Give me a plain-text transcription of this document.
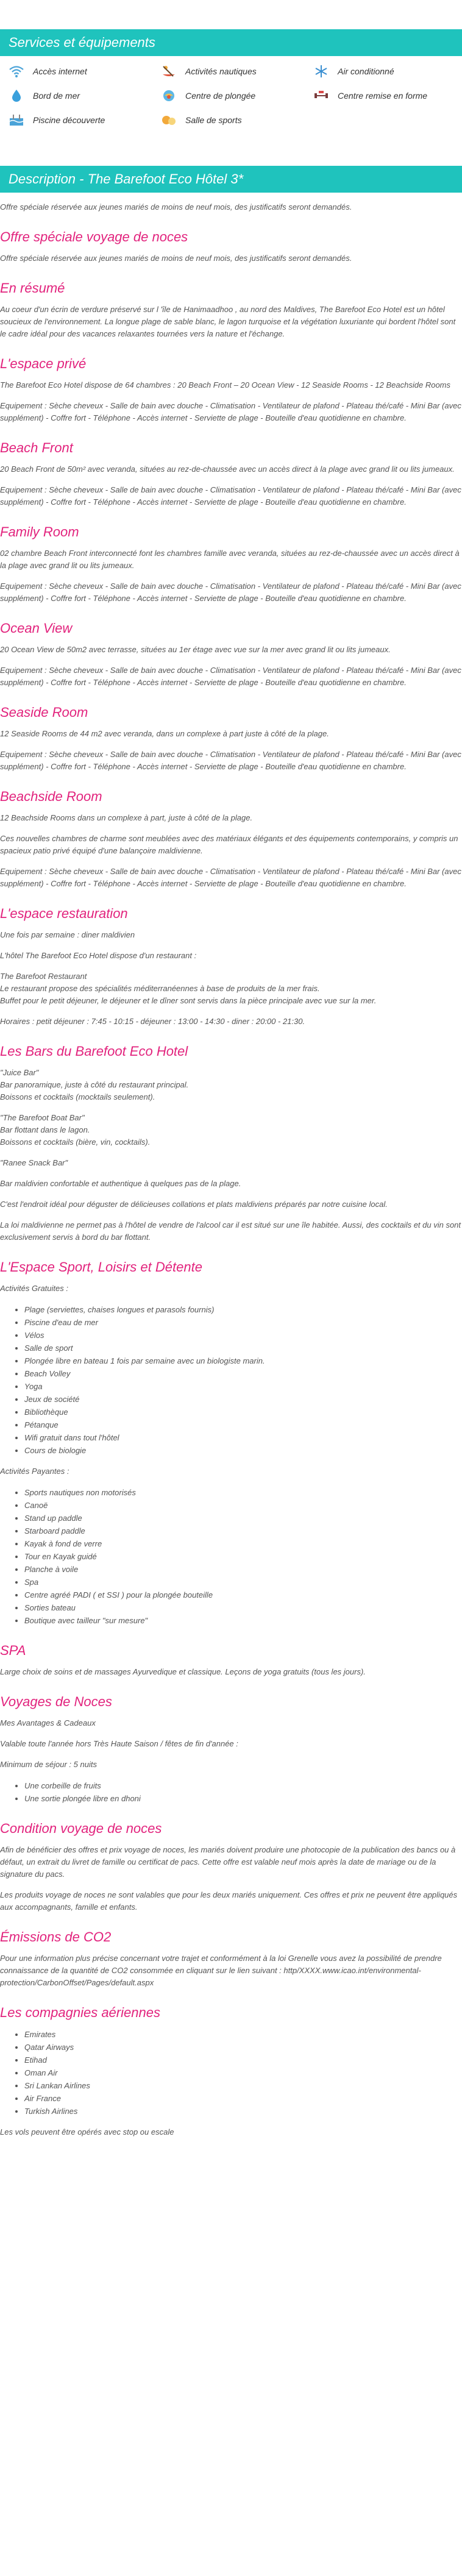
Services et équipements
Accès internet	Activités nautiques	Air conditionné
Bord de mer	Centre de plongée	Centre remise en forme
Piscine découverte	Salle de sports
Description - The Barefoot Eco Hôtel 3*

Offre spéciale réservée aux jeunes mariés de moins de neuf mois, des justificatifs seront demandés.

Offre spéciale voyage de noces

Offre spéciale réservée aux jeunes mariés de moins de neuf mois, des justificatifs seront demandés.

En résumé

Au coeur d'un écrin de verdure préservé sur l 'île de Hanimaadhoo , au nord des Maldives, The Barefoot Eco Hotel est un hôtel soucieux de l'environnement. La longue plage de sable blanc, le lagon turquoise et la végétation luxuriante qui bordent l'hôtel sont le cadre idéal pour des vacances relaxantes tournées vers la nature et l'échange.

L'espace privé

The Barefoot Eco Hotel dispose de 64 chambres : 20 Beach Front – 20 Ocean View - 12 Seaside Rooms - 12 Beachside Rooms

Equipement : Sèche cheveux - Salle de bain avec douche - Climatisation - Ventilateur de plafond - Plateau thé/café - Mini Bar (avec supplément) - Coffre fort - Téléphone - Accès internet - Serviette de plage - Bouteille d'eau quotidienne en chambre.

Beach Front

20 Beach Front de 50m² avec veranda, situées au rez-de-chaussée avec un accès direct à la plage avec grand lit ou lits jumeaux.

Equipement : Sèche cheveux - Salle de bain avec douche - Climatisation - Ventilateur de plafond - Plateau thé/café - Mini Bar (avec supplément) - Coffre fort - Téléphone - Accès internet - Serviette de plage - Bouteille d'eau quotidienne en chambre.

Family Room

02 chambre Beach Front interconnecté font les chambres famille avec veranda, situées au rez-de-chaussée avec un accès direct à la plage avec grand lit ou lits jumeaux.

Equipement : Sèche cheveux - Salle de bain avec douche - Climatisation - Ventilateur de plafond - Plateau thé/café - Mini Bar (avec supplément) - Coffre fort - Téléphone - Accès internet - Serviette de plage - Bouteille d'eau quotidienne en chambre.

Ocean View

20 Ocean View de 50m2 avec terrasse, situées au 1er étage avec vue sur la mer avec grand lit ou lits jumeaux.

Equipement : Sèche cheveux - Salle de bain avec douche - Climatisation - Ventilateur de plafond - Plateau thé/café - Mini Bar (avec supplément) - Coffre fort - Téléphone - Accès internet - Serviette de plage - Bouteille d'eau quotidienne en chambre.

Seaside Room

12 Seaside Rooms de 44 m2 avec veranda, dans un complexe à part juste à côté de la plage.

Equipement : Sèche cheveux - Salle de bain avec douche - Climatisation - Ventilateur de plafond - Plateau thé/café - Mini Bar (avec supplément) - Coffre fort - Téléphone - Accès internet - Serviette de plage - Bouteille d'eau quotidienne en chambre.

Beachside Room

12 Beachside Rooms dans un complexe à part, juste à côté de la plage.

Ces nouvelles chambres de charme sont meublées avec des matériaux élégants et des équipements contemporains, y compris un spacieux patio privé équipé d'une balançoire maldivienne.

Equipement : Sèche cheveux - Salle de bain avec douche - Climatisation - Ventilateur de plafond - Plateau thé/café - Mini Bar (avec supplément) - Coffre fort - Téléphone - Accès internet - Serviette de plage - Bouteille d'eau quotidienne en chambre.

L'espace restauration

Une fois par semaine : diner maldivien

L'hôtel The Barefoot Eco Hotel dispose d'un restaurant :

The Barefoot Restaurant

Le restaurant propose des spécialités méditerranéennes à base de produits de la mer frais.

Buffet pour le petit déjeuner, le déjeuner et le dîner sont servis dans la pièce principale avec vue sur la mer.

Horaires : petit déjeuner : 7:45 - 10:15 - déjeuner : 13:00 - 14:30 - diner : 20:00 - 21:30.

Les Bars du Barefoot Eco Hotel

"Juice Bar"

Bar panoramique, juste à côté du restaurant principal.

Boissons et cocktails (mocktails seulement).

"The Barefoot Boat Bar"

Bar flottant dans le lagon.

Boissons et cocktails (bière, vin, cocktails).

"Ranee Snack Bar"

Bar maldivien confortable et authentique à quelques pas de la plage.

C'est l'endroit idéal pour déguster de délicieuses collations et plats maldiviens préparés par notre cuisine local.

La loi maldivienne ne permet pas à l'hôtel de vendre de l'alcool car il est situé sur une île habitée. Aussi, des cocktails et du vin sont exclusivement servis à bord du bar flottant.

L'Espace Sport, Loisirs et Détente

Activités Gratuites :

• Plage (serviettes, chaises longues et parasols fournis)
• Piscine d'eau de mer
• Vélos
• Salle de sport
• Plongée libre en bateau 1 fois par semaine avec un biologiste marin.
• Beach Volley
• Yoga
• Jeux de société
• Bibliothèque
• Pétanque
• Wifi gratuit dans tout l'hôtel
• Cours de biologie

Activités Payantes :

• Sports nautiques non motorisés
• Canoë
• Stand up paddle
• Starboard paddle
• Kayak à fond de verre
• Tour en Kayak guidé
• Planche à voile
• Spa
• Centre agréé PADI ( et SSI ) pour la plongée bouteille
• Sorties bateau
• Boutique avec tailleur "sur mesure"
SPA

Large choix de soins et de massages Ayurvedique et classique. Leçons de yoga gratuits (tous les jours).

Voyages de Noces

Mes Avantages & Cadeaux

Valable toute l'année hors Très Haute Saison / fêtes de fin d'année :

Minimum de séjour : 5 nuits

• Une corbeille de fruits
• Une sortie plongée libre en dhoni
Condition voyage de noces

Afin de bénéficier des offres et prix voyage de noces, les mariés doivent produire une photocopie de la publication des bancs ou à défaut, un extrait du livret de famille ou certificat de pacs. Cette offre est valable neuf mois après la date de mariage ou de la signature du pacs.

Les produits voyage de noces ne sont valables que pour les deux mariés uniquement. Ces offres et prix ne peuvent être appliqués aux accompagnants, famille et enfants.

Émissions de CO2

Pour une information plus précise concernant votre trajet et conformément à la loi Grenelle vous avez la possibilité de prendre connaissance de la quantité de CO2 consommée en cliquant sur le lien suivant : http/XXXX.www.icao.int/environmental-protection/CarbonOffset/Pages/default.aspx

Les compagnies aériennes
• Emirates
• Qatar Airways
• Etihad
• Oman Air
• Sri Lankan Airlines
• Air France
• Turkish Airlines

Les vols peuvent être opérés avec stop ou escale
